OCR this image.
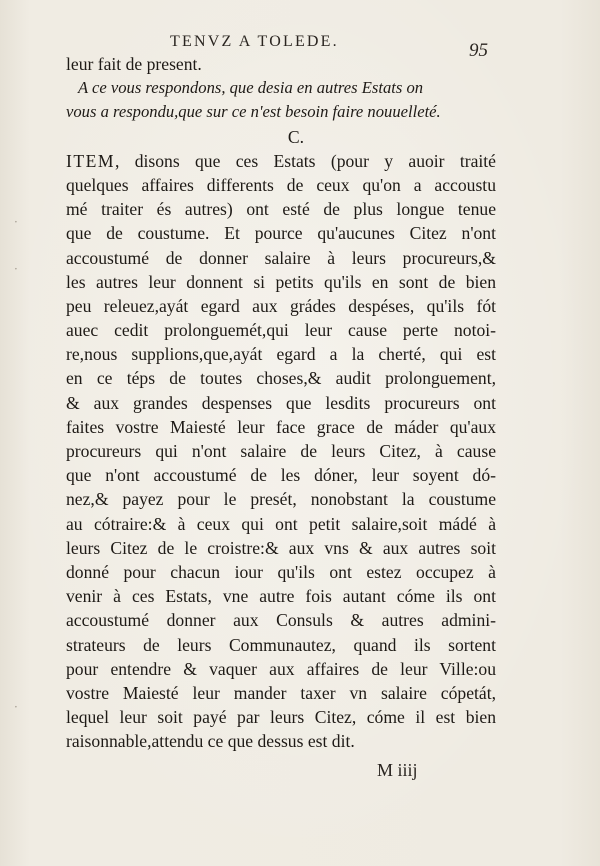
TENVZ A TOLEDE.	95
leur fait de present.
A ce vous respondons, que desia en autres Estats on
vous a respondu,que sur ce n'est besoin faire nouuelleté.
C.
ITEM, disons que ces Estats (pour y auoir traité
quelques affaires differents de ceux qu'on a accoustu
mé traiter és autres) ont esté de plus longue tenue
que de coustume. Et pource qu'aucunes Citez n'ont
accoustumé de donner salaire à leurs procureurs,&
les autres leur donnent si petits qu'ils en sont de bien
peu releuez,ayát egard aux grádes despéses, qu'ils fót
auec cedit prolonguemét,qui leur cause perte notoi-
re,nous supplions,que,ayát egard a la cherté, qui est
en ce téps de toutes choses,& audit prolonguement,
& aux grandes despenses que lesdits procureurs ont
faites vostre Maiesté leur face grace de máder qu'aux
procureurs qui n'ont salaire de leurs Citez, à cause
que n'ont accoustumé de les dóner, leur soyent dó-
nez,& payez pour le presét, nonobstant la coustume
au cótraire:& à ceux qui ont petit salaire,soit mádé à
leurs Citez de le croistre:& aux vns & aux autres soit
donné pour chacun iour qu'ils ont estez occupez à
venir à ces Estats, vne autre fois autant cóme ils ont
accoustumé donner aux Consuls & autres admini-
strateurs de leurs Communautez, quand ils sortent
pour entendre & vaquer aux affaires de leur Ville:ou
vostre Maiesté leur mander taxer vn salaire cópetát,
lequel leur soit payé par leurs Citez, cóme il est bien
raisonnable,attendu ce que dessus est dit.
M iiij
·
·
·
